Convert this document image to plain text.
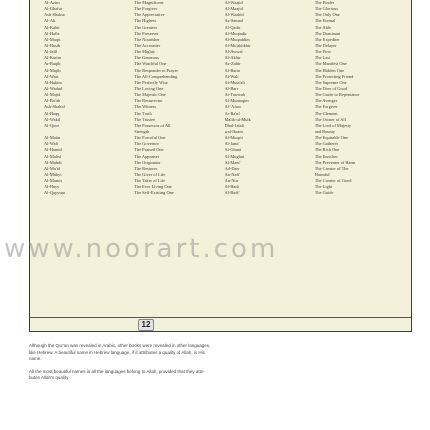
Al-Azim
Al-Ghafur
Ash-Shakur
Al-Ali
Al-Kabir
Al-Hafiz
Al-Muqit
Al-Hasib
Al-Jalil
Al-Karim
Ar-Raqib
Al-Mujib
Al-Wasi
Al-Hakim
Al-Wadud
Al-Majid
Al-Ba'ith
Ash-Shahid
Al-Haqq
Al-Wakil
Al-Qawi
Al-Matin
Al-Wali
Al-Hamid
Al-Muhsi
Al-Mubdi
Al-Mu'id
Al-Muhyi
Al-Mumit
Al-Hayy
Al-Qayyum
The Magnificent
The Forgiver
The Appreciative
The Highest
The Greatest
The Preserver
The Nourisher
The Accounter
The Mighty
The Generous
The Watchful One
The Responder to Prayer
The All-Comprehending
The Perfectly Wise
The Loving One
The Majestic One
The Resurrector
The Witness
The Truth
The Trustee
The Possessor of All
Strength
The Forceful One
The Governor
The Praised One
The Appraiser
The Originator
The Restorer
The Giver of Life
The Taker of Life
The Ever Living One
The Self-Existing One
Al-Waajid
Al-Maajid
Al-Waahid
As-Samad
Al-Qadir
Al-Muqtadir
Al-Muqaddim
Al-Mu'akhkhir
Al-Awwal
Al-Akhir
Az-Zahir
Al-Batin
Al-Wali
Al-Muta'ali
Al-Barr
At-Tawwab
Al-Muntaqim
Al-'Afuw
Ar-Ra'uf
Malik-ul-Mulk
Dhul-Jalali
wal-Ikram
Al-Muqsit
Al-Jami'
Al-Ghani
Al-Mughni
Al-Mani'
Ad-Darr
An-Nafi'
An-Nur
Al-Hadi
Al-Badi'
The Finder
The Glorious
The Only One
The Eternal
The Able
The Dominant
The Expediter
The Delayer
The First
The Last
The Manifest One
The Hidden One
The Protecting Friend
The Supreme One
The Doer of Good
The Guide to Repentance
The Avenger
The Forgiver
The Clement
The Owner of All
The Lord of Majesty
and Bounty
The Equitable One
The Gatherer
The Rich One
The Enricher
The Preventer of Harm
The Creator of The
Harmful
The Creator of Good
The Light
The Guide
12
www.noorart.com
Although the Qur'an was revealed in Arabic, other books were revealed in other languages,
like Hebrew. A beautiful name in Hebrew language, if it attributes a quality of Allah, is His
name.
All the most beautiful names in all the languages belong to Allah, provided that they attri-
butes Allah's quality.
